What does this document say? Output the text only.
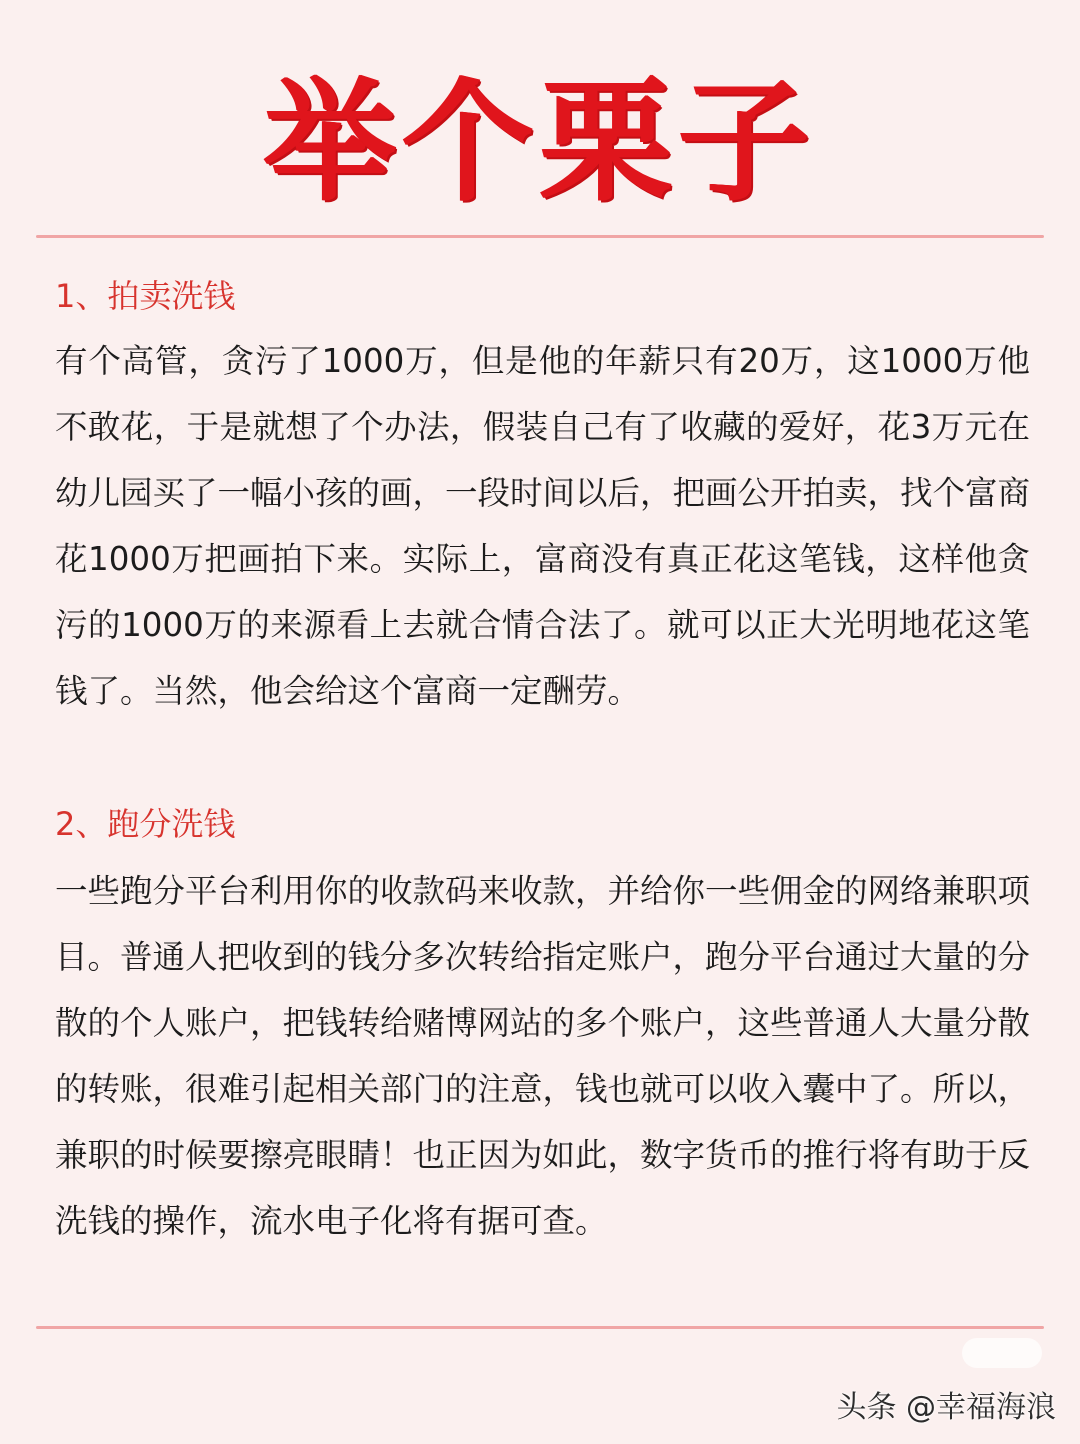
举个栗子
1、拍卖洗钱
有个高管，贪污了1000万，但是他的年薪只有20万，这1000万他不敢花，于是就想了个办法，假装自己有了收藏的爱好，花3万元在幼儿园买了一幅小孩的画，一段时间以后，把画公开拍卖，找个富商花1000万把画拍下来。实际上，富商没有真正花这笔钱，这样他贪污的1000万的来源看上去就合情合法了。就可以正大光明地花这笔钱了。当然，他会给这个富商一定酬劳。
2、跑分洗钱
一些跑分平台利用你的收款码来收款，并给你一些佣金的网络兼职项目。普通人把收到的钱分多次转给指定账户，跑分平台通过大量的分散的个人账户，把钱转给赌博网站的多个账户，这些普通人大量分散的转账，很难引起相关部门的注意，钱也就可以收入囊中了。所以，兼职的时候要擦亮眼睛！也正因为如此，数字货币的推行将有助于反洗钱的操作，流水电子化将有据可查。
头条 @幸福海浪
